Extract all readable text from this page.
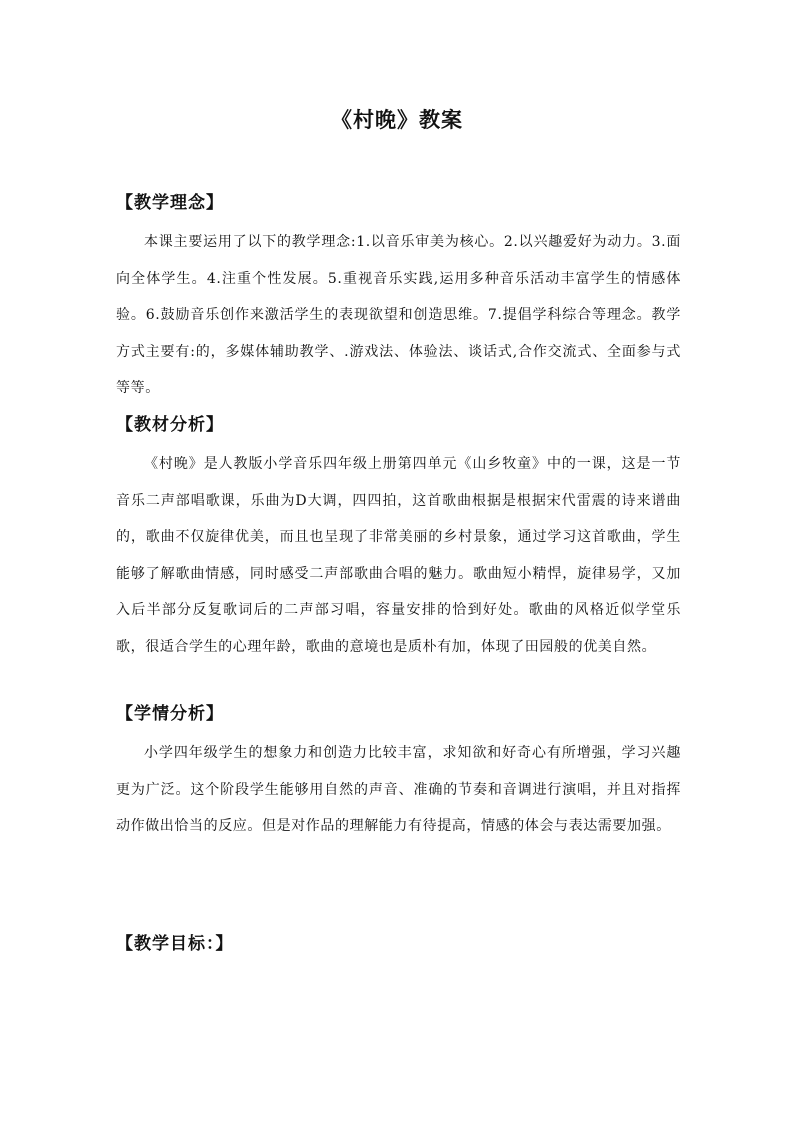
《村晚》教案
【教学理念】
本课主要运用了以下的教学理念:1.以音乐审美为核心。2.以兴趣爱好为动力。3.面向全体学生。4.注重个性发展。5.重视音乐实践,运用多种音乐活动丰富学生的情感体验。6.鼓励音乐创作来激活学生的表现欲望和创造思维。7.提倡学科综合等理念。教学方式主要有:的，多媒体辅助教学、.游戏法、体验法、谈话式,合作交流式、全面参与式等等。
【教材分析】
《村晚》是人教版小学音乐四年级上册第四单元《山乡牧童》中的一课，这是一节音乐二声部唱歌课，乐曲为D大调，四四拍，这首歌曲根据是根据宋代雷震的诗来谱曲的，歌曲不仅旋律优美，而且也呈现了非常美丽的乡村景象，通过学习这首歌曲，学生能够了解歌曲情感，同时感受二声部歌曲合唱的魅力。歌曲短小精悍，旋律易学，又加入后半部分反复歌词后的二声部习唱，容量安排的恰到好处。歌曲的风格近似学堂乐歌，很适合学生的心理年龄，歌曲的意境也是质朴有加，体现了田园般的优美自然。
【学情分析】
小学四年级学生的想象力和创造力比较丰富，求知欲和好奇心有所增强，学习兴趣更为广泛。这个阶段学生能够用自然的声音、准确的节奏和音调进行演唱，并且对指挥动作做出恰当的反应。但是对作品的理解能力有待提高，情感的体会与表达需要加强。
【教学目标：】
